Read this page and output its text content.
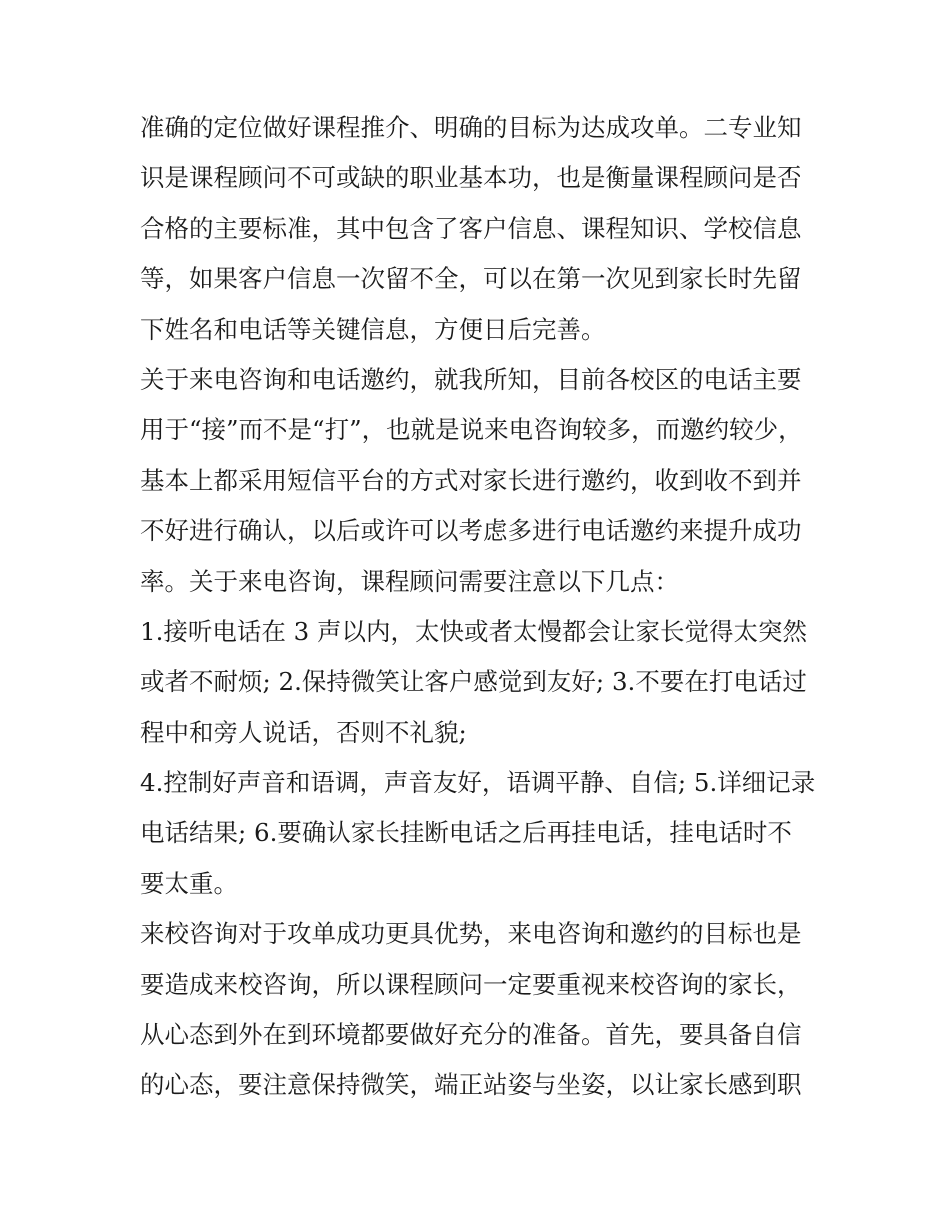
准确的定位做好课程推介、明确的目标为达成攻单。二专业知
识是课程顾问不可或缺的职业基本功，也是衡量课程顾问是否
合格的主要标准，其中包含了客户信息、课程知识、学校信息
等，如果客户信息一次留不全，可以在第一次见到家长时先留
下姓名和电话等关键信息，方便日后完善。
关于来电咨询和电话邀约，就我所知，目前各校区的电话主要
用于“接”而不是“打”，也就是说来电咨询较多，而邀约较少，
基本上都采用短信平台的方式对家长进行邀约，收到收不到并
不好进行确认，以后或许可以考虑多进行电话邀约来提升成功
率。关于来电咨询，课程顾问需要注意以下几点：
1.接听电话在 3 声以内，太快或者太慢都会让家长觉得太突然
或者不耐烦; 2.保持微笑让客户感觉到友好; 3.不要在打电话过
程中和旁人说话，否则不礼貌;
4.控制好声音和语调，声音友好，语调平静、自信; 5.详细记录
电话结果; 6.要确认家长挂断电话之后再挂电话，挂电话时不
要太重。
来校咨询对于攻单成功更具优势，来电咨询和邀约的目标也是
要造成来校咨询，所以课程顾问一定要重视来校咨询的家长，
从心态到外在到环境都要做好充分的准备。首先，要具备自信
的心态，要注意保持微笑，端正站姿与坐姿，以让家长感到职
